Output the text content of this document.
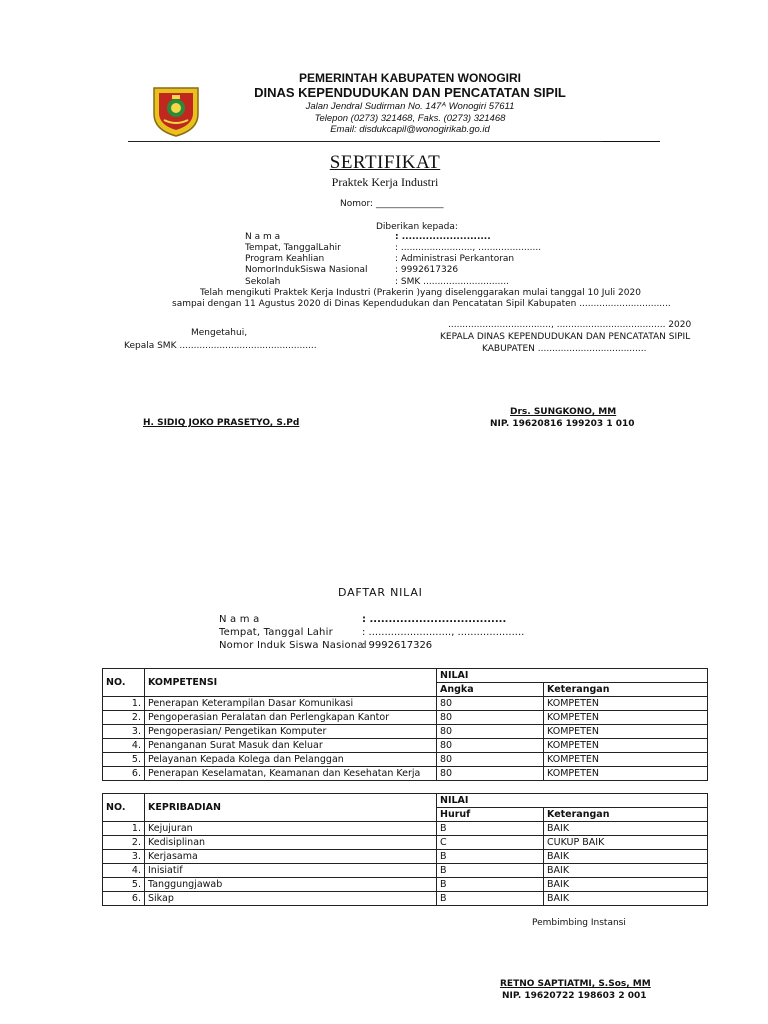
PEMERINTAH KABUPATEN WONOGIRI
DINAS KEPENDUDUKAN DAN PENCATATAN SIPIL
Jalan Jendral Sudirman No. 147ᴬ Wonogiri 57611
Telepon (0273) 321468, Faks. (0273) 321468
Email: disdukcapil@wonogirikab.go.id
SERTIFIKAT
Praktek Kerja Industri
Nomor: _______________
Diberikan kepada:
N a m a	: ..........................
Tempat, TanggalLahir	: ........................., ......................
Program Keahlian	: Administrasi Perkantoran
NomorIndukSiswa Nasional	: 9992617326
Sekolah	: SMK ..............................
Telah mengikuti Praktek Kerja Industri (Prakerin )yang diselenggarakan mulai tanggal 10 Juli 2020
sampai dengan 11 Agustus 2020 di Dinas Kependudukan dan Pencatatan Sipil Kabupaten ................................
...................................., ...................................... 2020
KEPALA DINAS KEPENDUDUKAN DAN PENCATATAN SIPIL
KABUPATEN ......................................
Mengetahui,
Kepala SMK ................................................
H. SIDIQ JOKO PRASETYO, S.Pd
Drs. SUNGKONO, MM
NIP. 19620816 199203 1 010
DAFTAR NILAI
N a m a	: ....................................
Tempat, Tanggal Lahir	: .........................., .....................
Nomor Induk Siswa Nasional
: 9992617326
NO.	KOMPETENSI	NILAI	
		Angka	Keterangan
1.	Penerapan Keterampilan Dasar Komunikasi	80	KOMPETEN
2.	Pengoperasian Peralatan dan Perlengkapan Kantor	80	KOMPETEN
3.	Pengoperasian/ Pengetikan Komputer	80	KOMPETEN
4.	Penanganan Surat Masuk dan Keluar	80	KOMPETEN
5.	Pelayanan Kepada Kolega dan Pelanggan	80	KOMPETEN
6.	Penerapan Keselamatan, Keamanan dan Kesehatan Kerja	80	KOMPETEN
NO.	KEPRIBADIAN	NILAI	
		Huruf	Keterangan
1.	Kejujuran	B	BAIK
2.	Kedisiplinan	C	CUKUP BAIK
3.	Kerjasama	B	BAIK
4.	Inisiatif	B	BAIK
5.	Tanggungjawab	B	BAIK
6.	Sikap	B	BAIK
Pembimbing Instansi
RETNO SAPTIATMI, S.Sos, MM
NIP. 19620722 198603 2 001
